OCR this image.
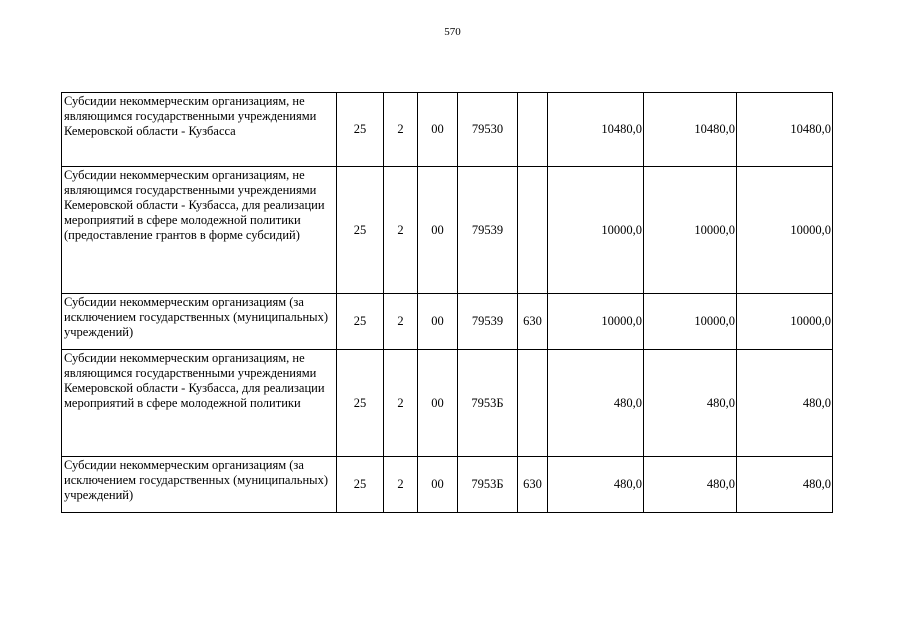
570
Субсидии некоммерческим организациям, не являющимся государственными учреждениями Кемеровской области - Кузбасса	25	2	00	79530		10480,0	10480,0	10480,0
Субсидии некоммерческим организациям, не являющимся государственными учреждениями Кемеровской области - Кузбасса, для реализации мероприятий в сфере молодежной политики (предоставление грантов в форме субсидий)	25	2	00	79539		10000,0	10000,0	10000,0
Субсидии некоммерческим организациям (за исключением государственных (муниципальных) учреждений)	25	2	00	79539	630	10000,0	10000,0	10000,0
Субсидии некоммерческим организациям, не являющимся государственными учреждениями Кемеровской области - Кузбасса, для реализации мероприятий в сфере молодежной политики	25	2	00	7953Б		480,0	480,0	480,0
Субсидии некоммерческим организациям (за исключением государственных (муниципальных) учреждений)	25	2	00	7953Б	630	480,0	480,0	480,0
